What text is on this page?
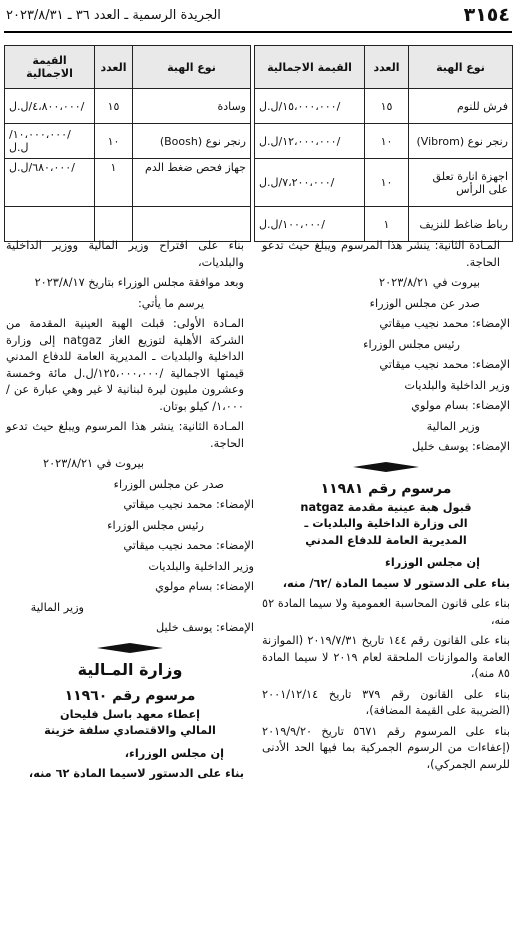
٣١٥٤
الجريدة الرسمية ـ العدد ٣٦ ـ ٢٠٢٣/٨/٣١
نوع الهبة	العدد	القيمة الاجمالية		نوع الهبة	العدد	القيمة الاجمالية
فرش للنوم	١٥	/١٥،٠٠٠،٠٠٠/ل.ل		وسادة	١٥	/٤،٨٠٠،٠٠٠/ل.ل
رنجر نوع (Vibrom)	١٠	/١٢،٠٠٠،٠٠٠/ل.ل		رنجر نوع (Boosh)	١٠	/١٠،٠٠٠،٠٠٠/ل.ل
اجهزة انارة تعلق على الرأس	١٠	/٧،٢٠٠،٠٠٠/ل.ل		جهاز فحص ضغط الدم	١	/٦٨٠،٠٠٠/ل.ل
رباط ضاغط للنزيف	١	/١٠٠،٠٠٠/ل.ل				

المـادة الثانية: ينشر هذا المرسوم ويبلغ حيث تدعو الحاجة.

بيروت في ٢٠٢٣/٨/٢١

صدر عن مجلس الوزراء

الإمضاء: محمد نجيب ميقاتي

رئيس مجلس الوزراء

الإمضاء: محمد نجيب ميقاتي

وزير الداخلية والبلديات

الإمضاء: بسام مولوي

وزير المالية

الإمضاء: يوسف خليل

مرسوم رقم ١١٩٨١
قبول هبة عينية مقدمة natgaz
الى وزارة الداخلية والبلديات ـ
المديرية العامة للدفاع المدني

إن مجلس الوزراء

بناء على الدستور لا سيما المادة /٦٢/ منه،

بناء على قانون المحاسبة العمومية ولا سيما المادة ٥٢ منه،

بناء على القانون رقم ١٤٤ تاريخ ٢٠١٩/٧/٣١ (الموازنة العامة والموازنات الملحقة لعام ٢٠١٩ لا سيما المادة ٨٥ منه)،

بناء على القانون رقم ٣٧٩ تاريخ ٢٠٠١/١٢/١٤ (الضريبة على القيمة المضافة)،

بناء على المرسوم رقم ٥٦٧١ تاريخ ٢٠١٩/٩/٢٠ (إعفاءات من الرسوم الجمركية بما فيها الحد الأدنى للرسم الجمركي)،

بناء على اقتراح وزير المالية ووزير الداخلية والبلديات،

وبعد موافقة مجلس الوزراء بتاريخ ٢٠٢٣/٨/١٧

يرسم ما يأتي:

المـادة الأولى: قبلت الهبة العينية المقدمة من الشركة الأهلية لتوزيع الغاز natgaz إلى وزارة الداخلية والبلديات ـ المديرية العامة للدفاع المدني قيمتها الاجمالية /١٢٥،٠٠٠،٠٠٠/ل.ل مائة وخمسة وعشرون مليون ليرة لبنانية لا غير وهي عبارة عن /١،٠٠٠/ كيلو بوتان.

المـادة الثانية: ينشر هذا المرسوم ويبلغ حيث تدعو الحاجة.

بيروت في ٢٠٢٣/٨/٢١

صدر عن مجلس الوزراء

الإمضاء: محمد نجيب ميقاتي

رئيس مجلس الوزراء

الإمضاء: محمد نجيب ميقاتي

وزير الداخلية والبلديات

الإمضاء: بسام مولوي

وزير المالية

الإمضاء: يوسف خليل

وزارة المـالية
مرسوم رقم ١١٩٦٠
إعطاء معهد باسل فليحان
المالي والاقتصادي سلفة خزينة

إن مجلس الوزراء،

بناء على الدستور لاسيما المادة ٦٢ منه،
